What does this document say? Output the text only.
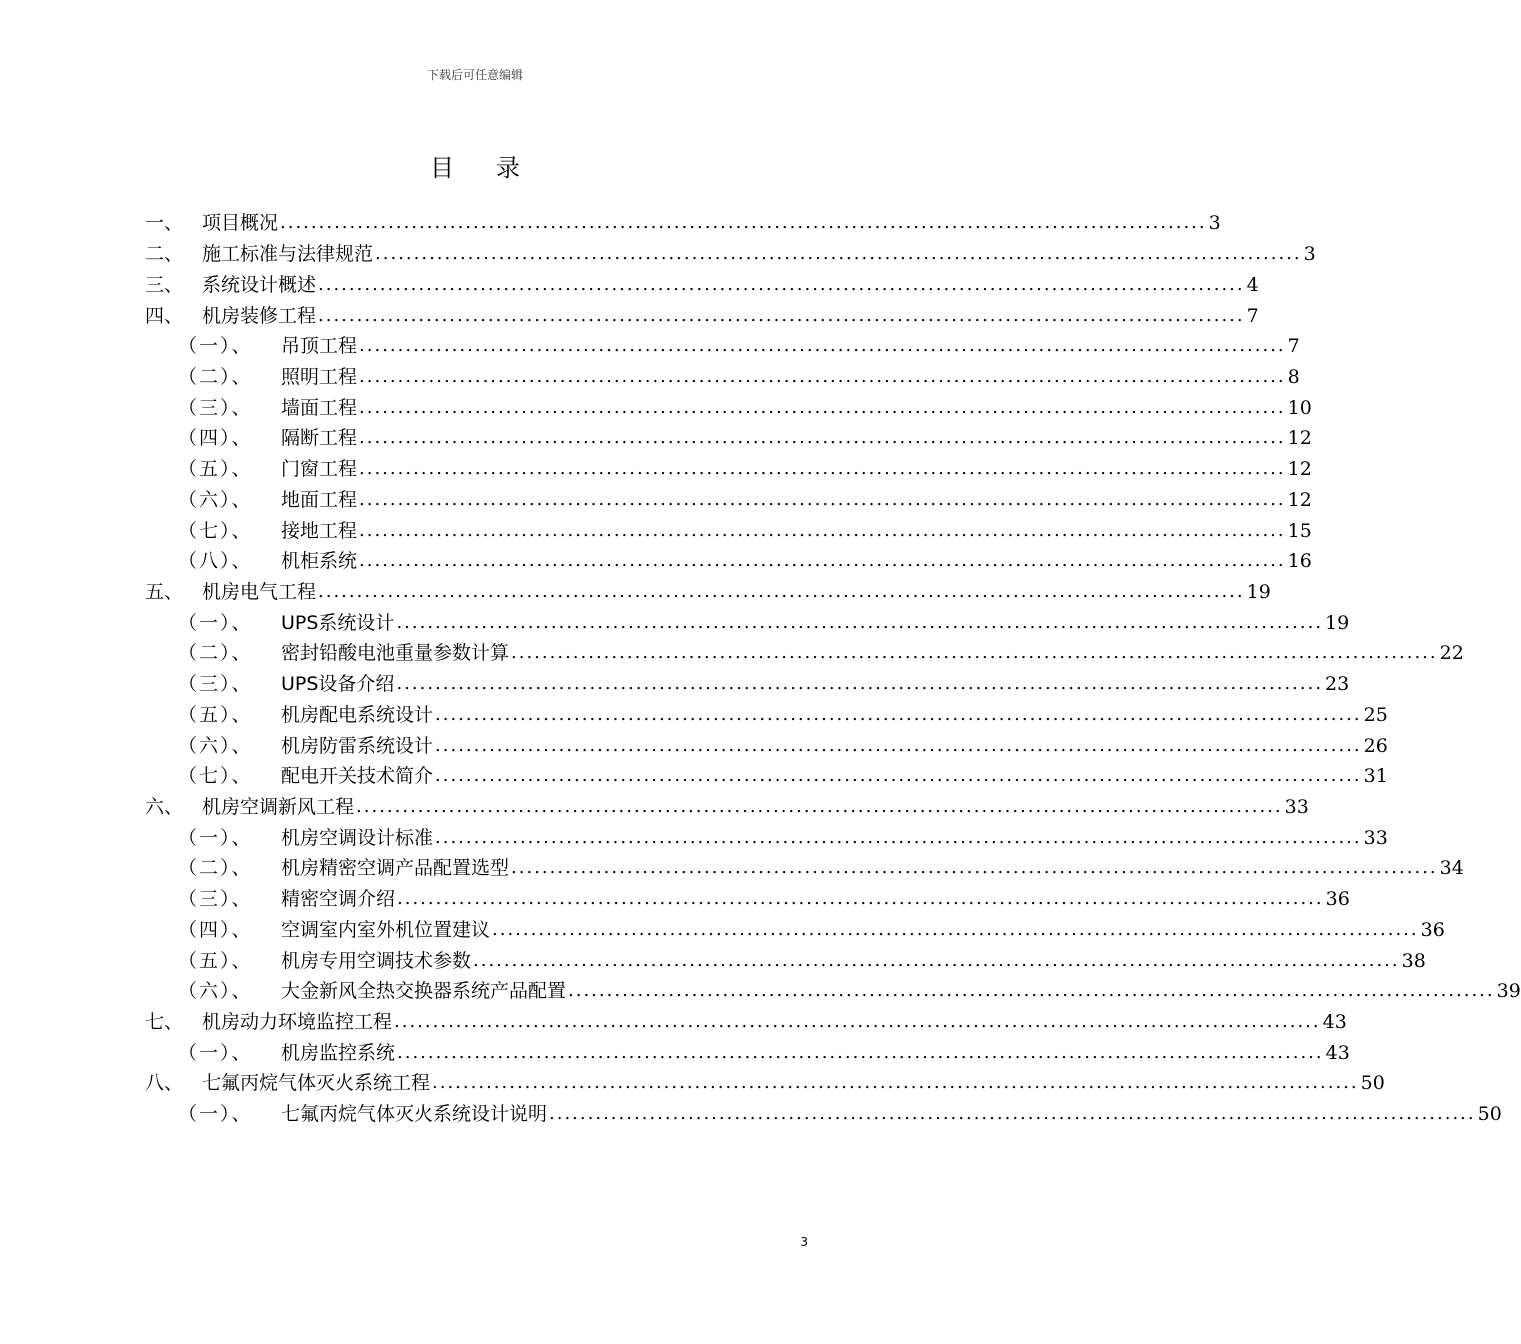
下载后可任意编辑
目录
一、 项目概况 ........................................................................................................................ 3
二、 施工标准与法律规范 ........................................................................................................................ 3
三、 系统设计概述 ........................................................................................................................ 4
四、 机房装修工程 ........................................................................................................................ 7
（一）、	吊顶工程 ........................................................................................................................ 7
（二）、	照明工程 ........................................................................................................................ 8
（三）、	墙面工程 ........................................................................................................................ 10
（四）、	隔断工程 ........................................................................................................................ 12
（五）、	门窗工程 ........................................................................................................................ 12
（六）、	地面工程 ........................................................................................................................ 12
（七）、	接地工程 ........................................................................................................................ 15
（八）、	机柜系统 ........................................................................................................................ 16
五、 机房电气工程 ........................................................................................................................ 19
（一）、	UPS系统设计 ........................................................................................................................ 19
（二）、	密封铅酸电池重量参数计算 ........................................................................................................................ 22
（三）、	UPS设备介绍 ........................................................................................................................ 23
（五）、	机房配电系统设计 ........................................................................................................................ 25
（六）、	机房防雷系统设计 ........................................................................................................................ 26
（七）、	配电开关技术简介 ........................................................................................................................ 31
六、 机房空调新风工程 ........................................................................................................................ 33
（一）、	机房空调设计标准 ........................................................................................................................ 33
（二）、	机房精密空调产品配置选型 ........................................................................................................................ 34
（三）、	精密空调介绍 ........................................................................................................................ 36
（四）、	空调室内室外机位置建议 ........................................................................................................................ 36
（五）、	机房专用空调技术参数 ........................................................................................................................ 38
（六）、	大金新风全热交换器系统产品配置 ........................................................................................................................ 39
七、 机房动力环境监控工程 ........................................................................................................................ 43
（一）、	机房监控系统 ........................................................................................................................ 43
八、 七氟丙烷气体灭火系统工程 ........................................................................................................................ 50
（一）、	七氟丙烷气体灭火系统设计说明 ........................................................................................................................ 50
3
